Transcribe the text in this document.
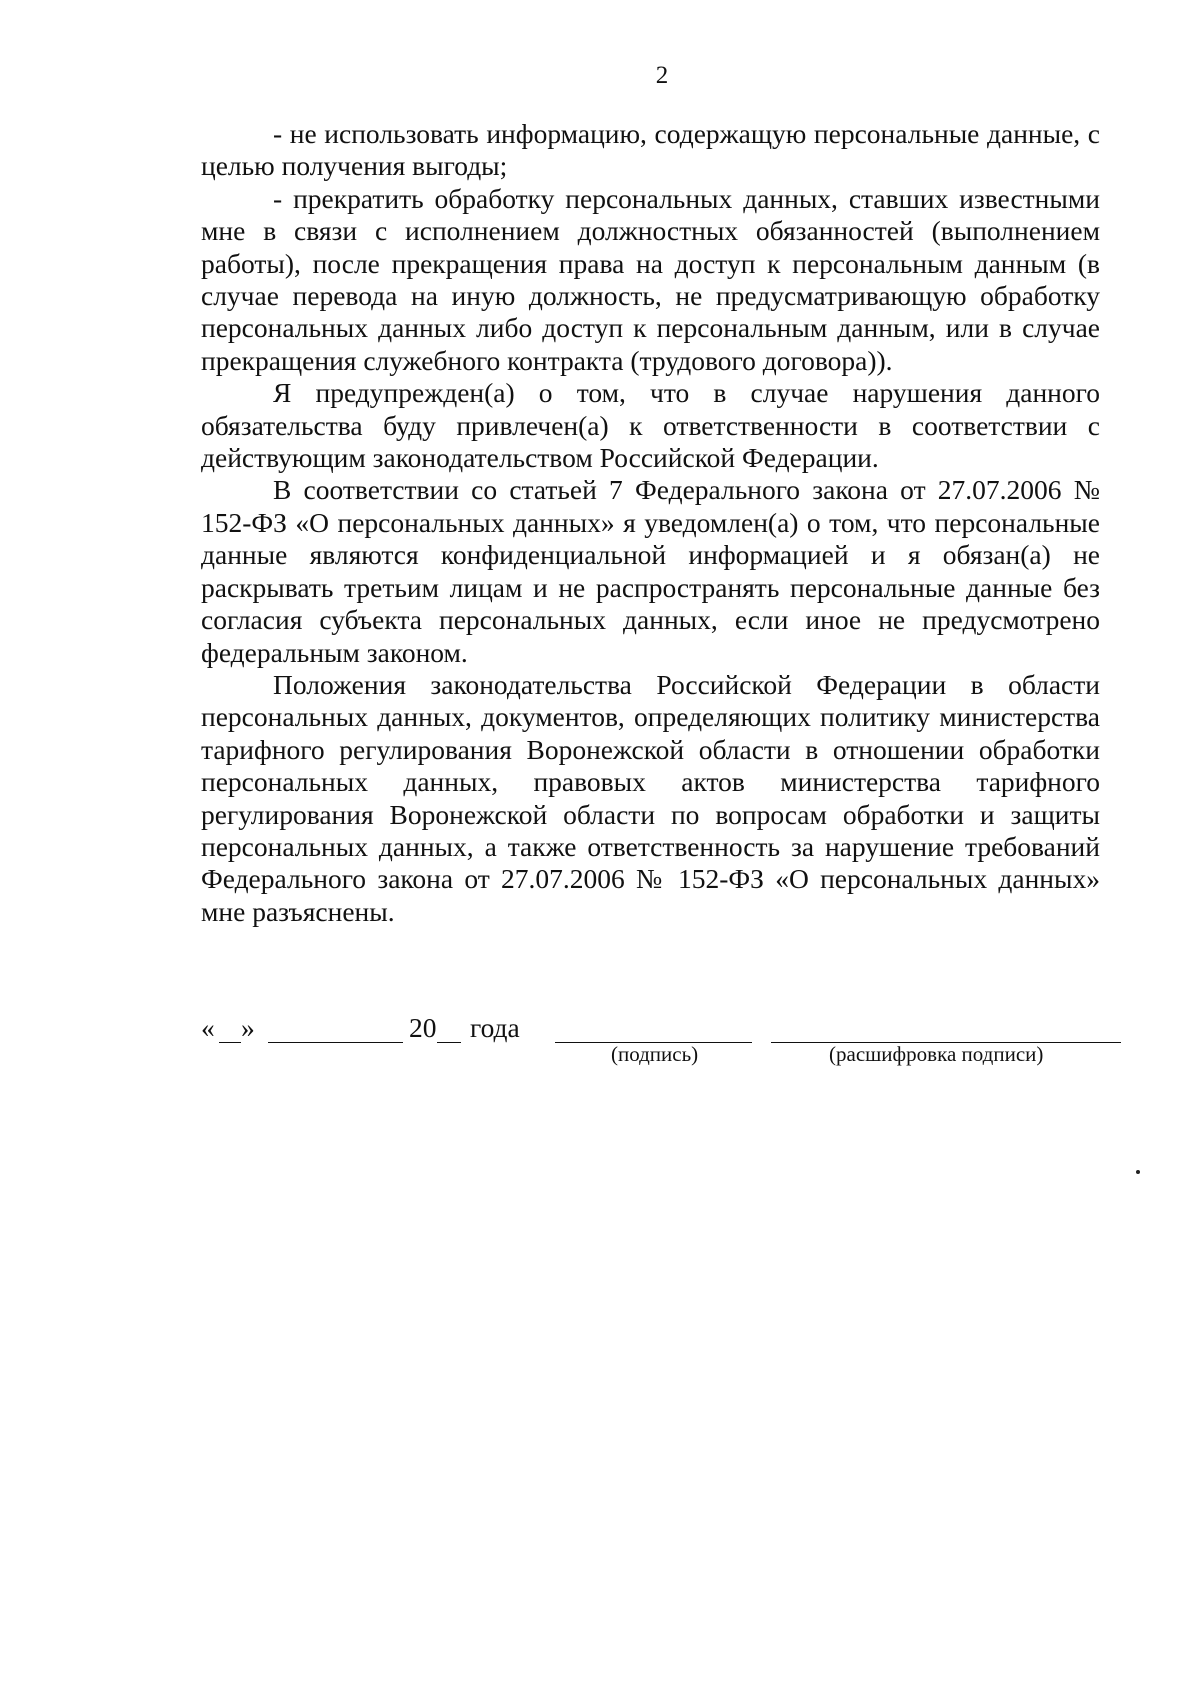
2

- не использовать информацию, содержащую персональные данные, с целью получения выгоды;

- прекратить обработку персональных данных, ставших известными мне в связи с исполнением должностных обязанностей (выполнением работы), после прекращения права на доступ к персональным данным (в случае перевода на иную должность, не предусматривающую обработку персональных данных либо доступ к персональным данным, или в случае прекращения служебного контракта (трудового договора)).

Я предупрежден(а) о том, что в случае нарушения данного обязательства буду привлечен(а) к ответственности в соответствии с действующим законодательством Российской Федерации.

В соответствии со статьей 7 Федерального закона от 27.07.2006 № 152-ФЗ «О персональных данных» я уведомлен(а) о том, что персональные данные являются конфиденциальной информацией и я обязан(а) не раскрывать третьим лицам и не распространять персональные данные без согласия субъекта персональных данных, если иное не предусмотрено федеральным законом.

Положения законодательства Российской Федерации в области персональных данных, документов, определяющих политику министерства тарифного регулирования Воронежской области в отношении обработки персональных данных, правовых актов министерства тарифного регулирования Воронежской области по вопросам обработки и защиты персональных данных, а также ответственность за нарушение требований Федерального закона от 27.07.2006 № 152-ФЗ «О персональных данных» мне разъяснены.

« »	20 года
(подпись)	(расшифровка подписи)
